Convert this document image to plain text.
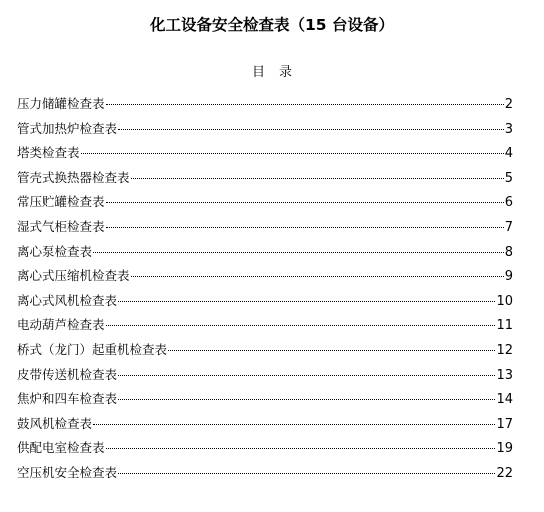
化工设备安全检查表（15 台设备）
目录
压力储罐检查表	2
管式加热炉检查表	3
塔类检查表	4
管壳式换热器检查表	5
常压贮罐检查表	6
湿式气柜检查表	7
离心泵检查表	8
离心式压缩机检查表	9
离心式风机检查表	10
电动葫芦检查表	11
桥式（龙门）起重机检查表	12
皮带传送机检查表	13
焦炉和四车检查表	14
鼓风机检查表	17
供配电室检查表	19
空压机安全检查表	22
